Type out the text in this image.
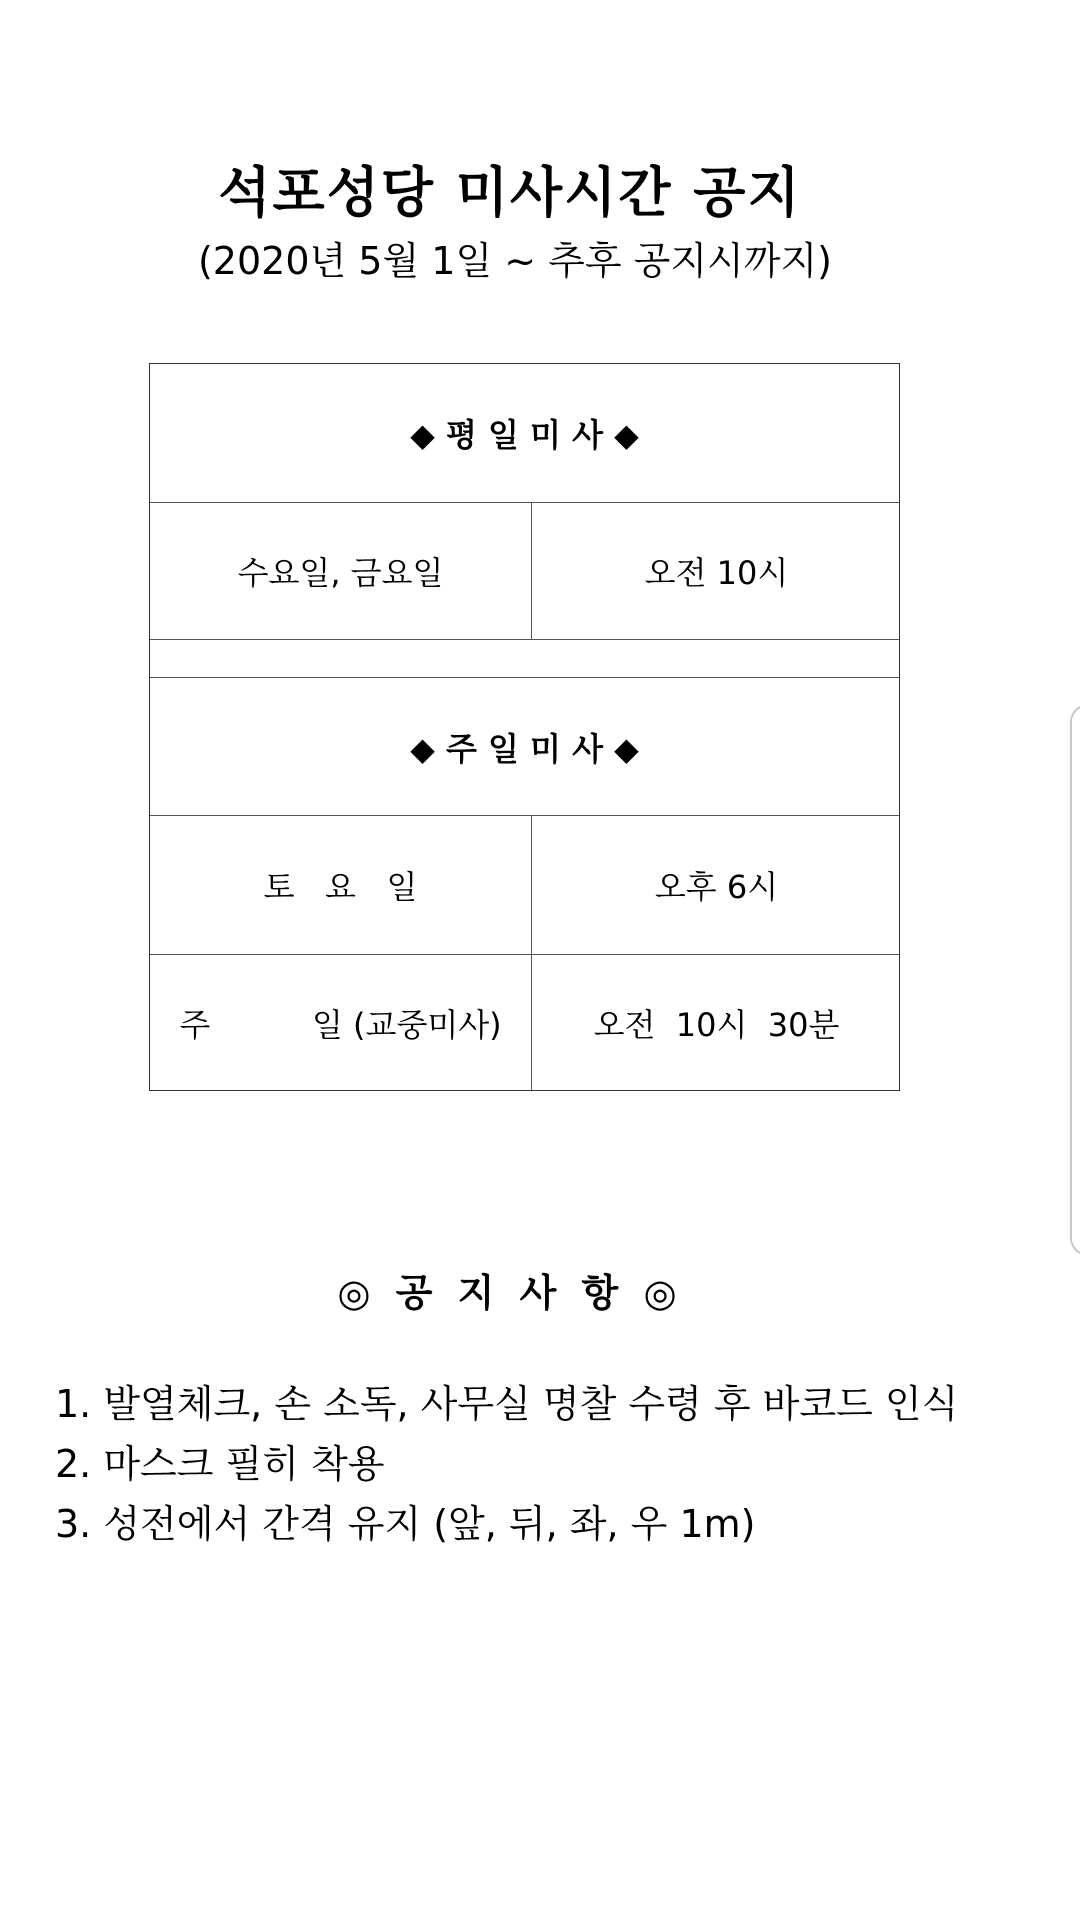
석포성당 미사시간 공지
(2020년 5월 1일 ~ 추후 공지시까지)
◆ 평 일 미 사 ◆
수요일, 금요일	오전 10시
◆ 주 일 미 사 ◆
토   요   일	오후 6시
주          일 (교중미사)	오전  10시  30분
◎ 공 지 사 항 ◎
1. 발열체크, 손 소독, 사무실 명찰 수령 후 바코드 인식
2. 마스크 필히 착용
3. 성전에서 간격 유지 (앞, 뒤, 좌, 우 1m)
